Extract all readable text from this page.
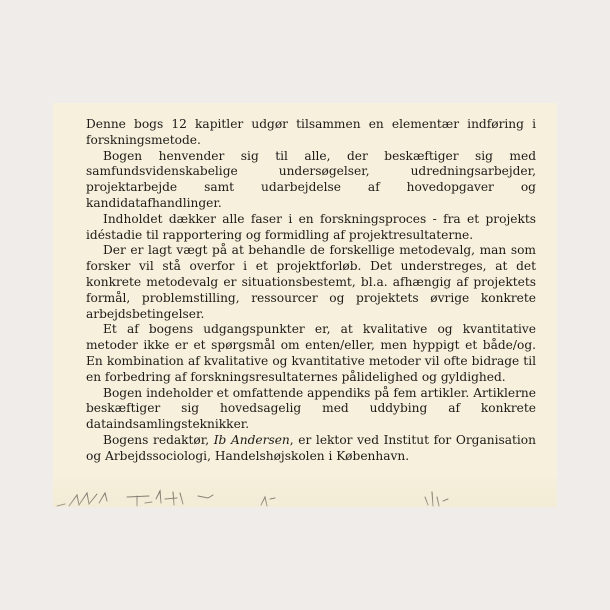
Denne bogs 12 kapitler udgør tilsammen en elementær indføring i forskningsmetode.

Bogen henvender sig til alle, der beskæftiger sig med samfundsvidenskabelige undersøgelser, udredningsarbejder, projektarbejde samt udarbejdelse af hovedopgaver og kandidatafhandlinger.

Indholdet dækker alle faser i en forskningsproces - fra et projekts idéstadie til rapportering og formidling af projektresultaterne.

Der er lagt vægt på at behandle de forskellige metodevalg, man som forsker vil stå overfor i et projektforløb. Det understreges, at det konkrete metodevalg er situationsbestemt, bl.a. afhængig af projektets formål, problemstilling, ressourcer og projektets øvrige konkrete arbejdsbetingelser.

Et af bogens udgangspunkter er, at kvalitative og kvantitative metoder ikke er et spørgsmål om enten/eller, men hyppigt et både/og. En kombination af kvalitative og kvantitative metoder vil ofte bidrage til en forbedring af forskningsresultaternes pålidelighed og gyldighed.

Bogen indeholder et omfattende appendiks på fem artikler. Artiklerne beskæftiger sig hovedsagelig med uddybing af konkrete dataindsamlingsteknikker.

Bogens redaktør, Ib Andersen, er lektor ved Institut for Organisation og Arbejdssociologi, Handelshøjskolen i København.
